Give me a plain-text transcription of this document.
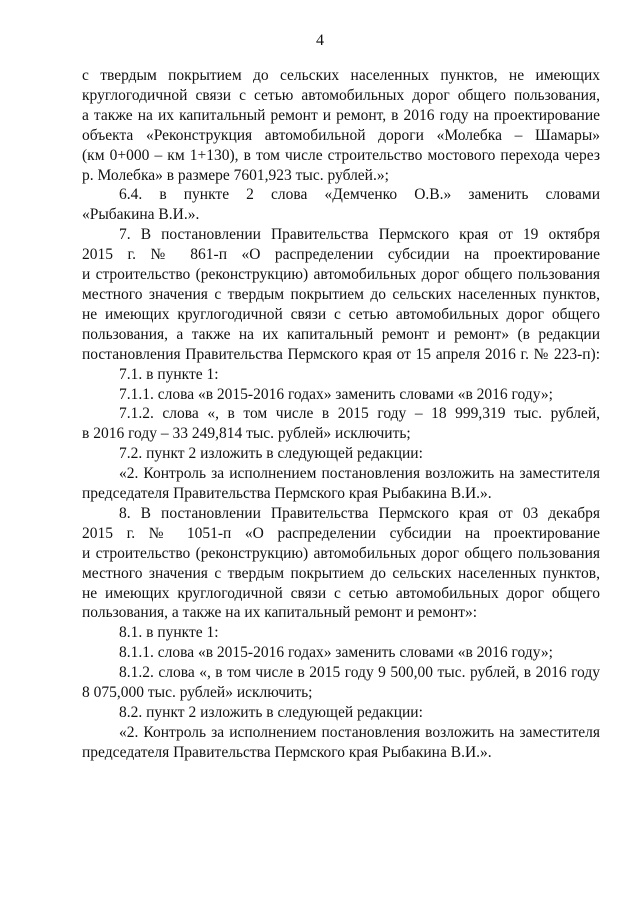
4
с твердым покрытием до сельских населенных пунктов, не имеющих
круглогодичной связи с сетью автомобильных дорог общего пользования,
а также на их капитальный ремонт и ремонт, в 2016 году на проектирование
объекта «Реконструкция автомобильной дороги «Молебка – Шамары»
(км 0+000 – км 1+130), в том числе строительство мостового перехода через
р. Молебка» в размере 7601,923 тыс. рублей.»;
6.4. в пункте 2 слова «Демченко О.В.» заменить словами
«Рыбакина В.И.».
7. В постановлении Правительства Пермского края от 19 октября
2015 г. № 861-п «О распределении субсидии на проектирование
и строительство (реконструкцию) автомобильных дорог общего пользования
местного значения с твердым покрытием до сельских населенных пунктов,
не имеющих круглогодичной связи с сетью автомобильных дорог общего
пользования, а также на их капитальный ремонт и ремонт» (в редакции
постановления Правительства Пермского края от 15 апреля 2016 г. № 223-п):
7.1. в пункте 1:
7.1.1. слова «в 2015-2016 годах» заменить словами «в 2016 году»;
7.1.2. слова «, в том числе в 2015 году – 18 999,319 тыс. рублей,
в 2016 году – 33 249,814 тыс. рублей» исключить;
7.2. пункт 2 изложить в следующей редакции:
«2. Контроль за исполнением постановления возложить на заместителя
председателя Правительства Пермского края Рыбакина В.И.».
8. В постановлении Правительства Пермского края от 03 декабря
2015 г. № 1051-п «О распределении субсидии на проектирование
и строительство (реконструкцию) автомобильных дорог общего пользования
местного значения с твердым покрытием до сельских населенных пунктов,
не имеющих круглогодичной связи с сетью автомобильных дорог общего
пользования, а также на их капитальный ремонт и ремонт»:
8.1. в пункте 1:
8.1.1. слова «в 2015-2016 годах» заменить словами «в 2016 году»;
8.1.2. слова «, в том числе в 2015 году 9 500,00 тыс. рублей, в 2016 году
8 075,000 тыс. рублей» исключить;
8.2. пункт 2 изложить в следующей редакции:
«2. Контроль за исполнением постановления возложить на заместителя
председателя Правительства Пермского края Рыбакина В.И.».
